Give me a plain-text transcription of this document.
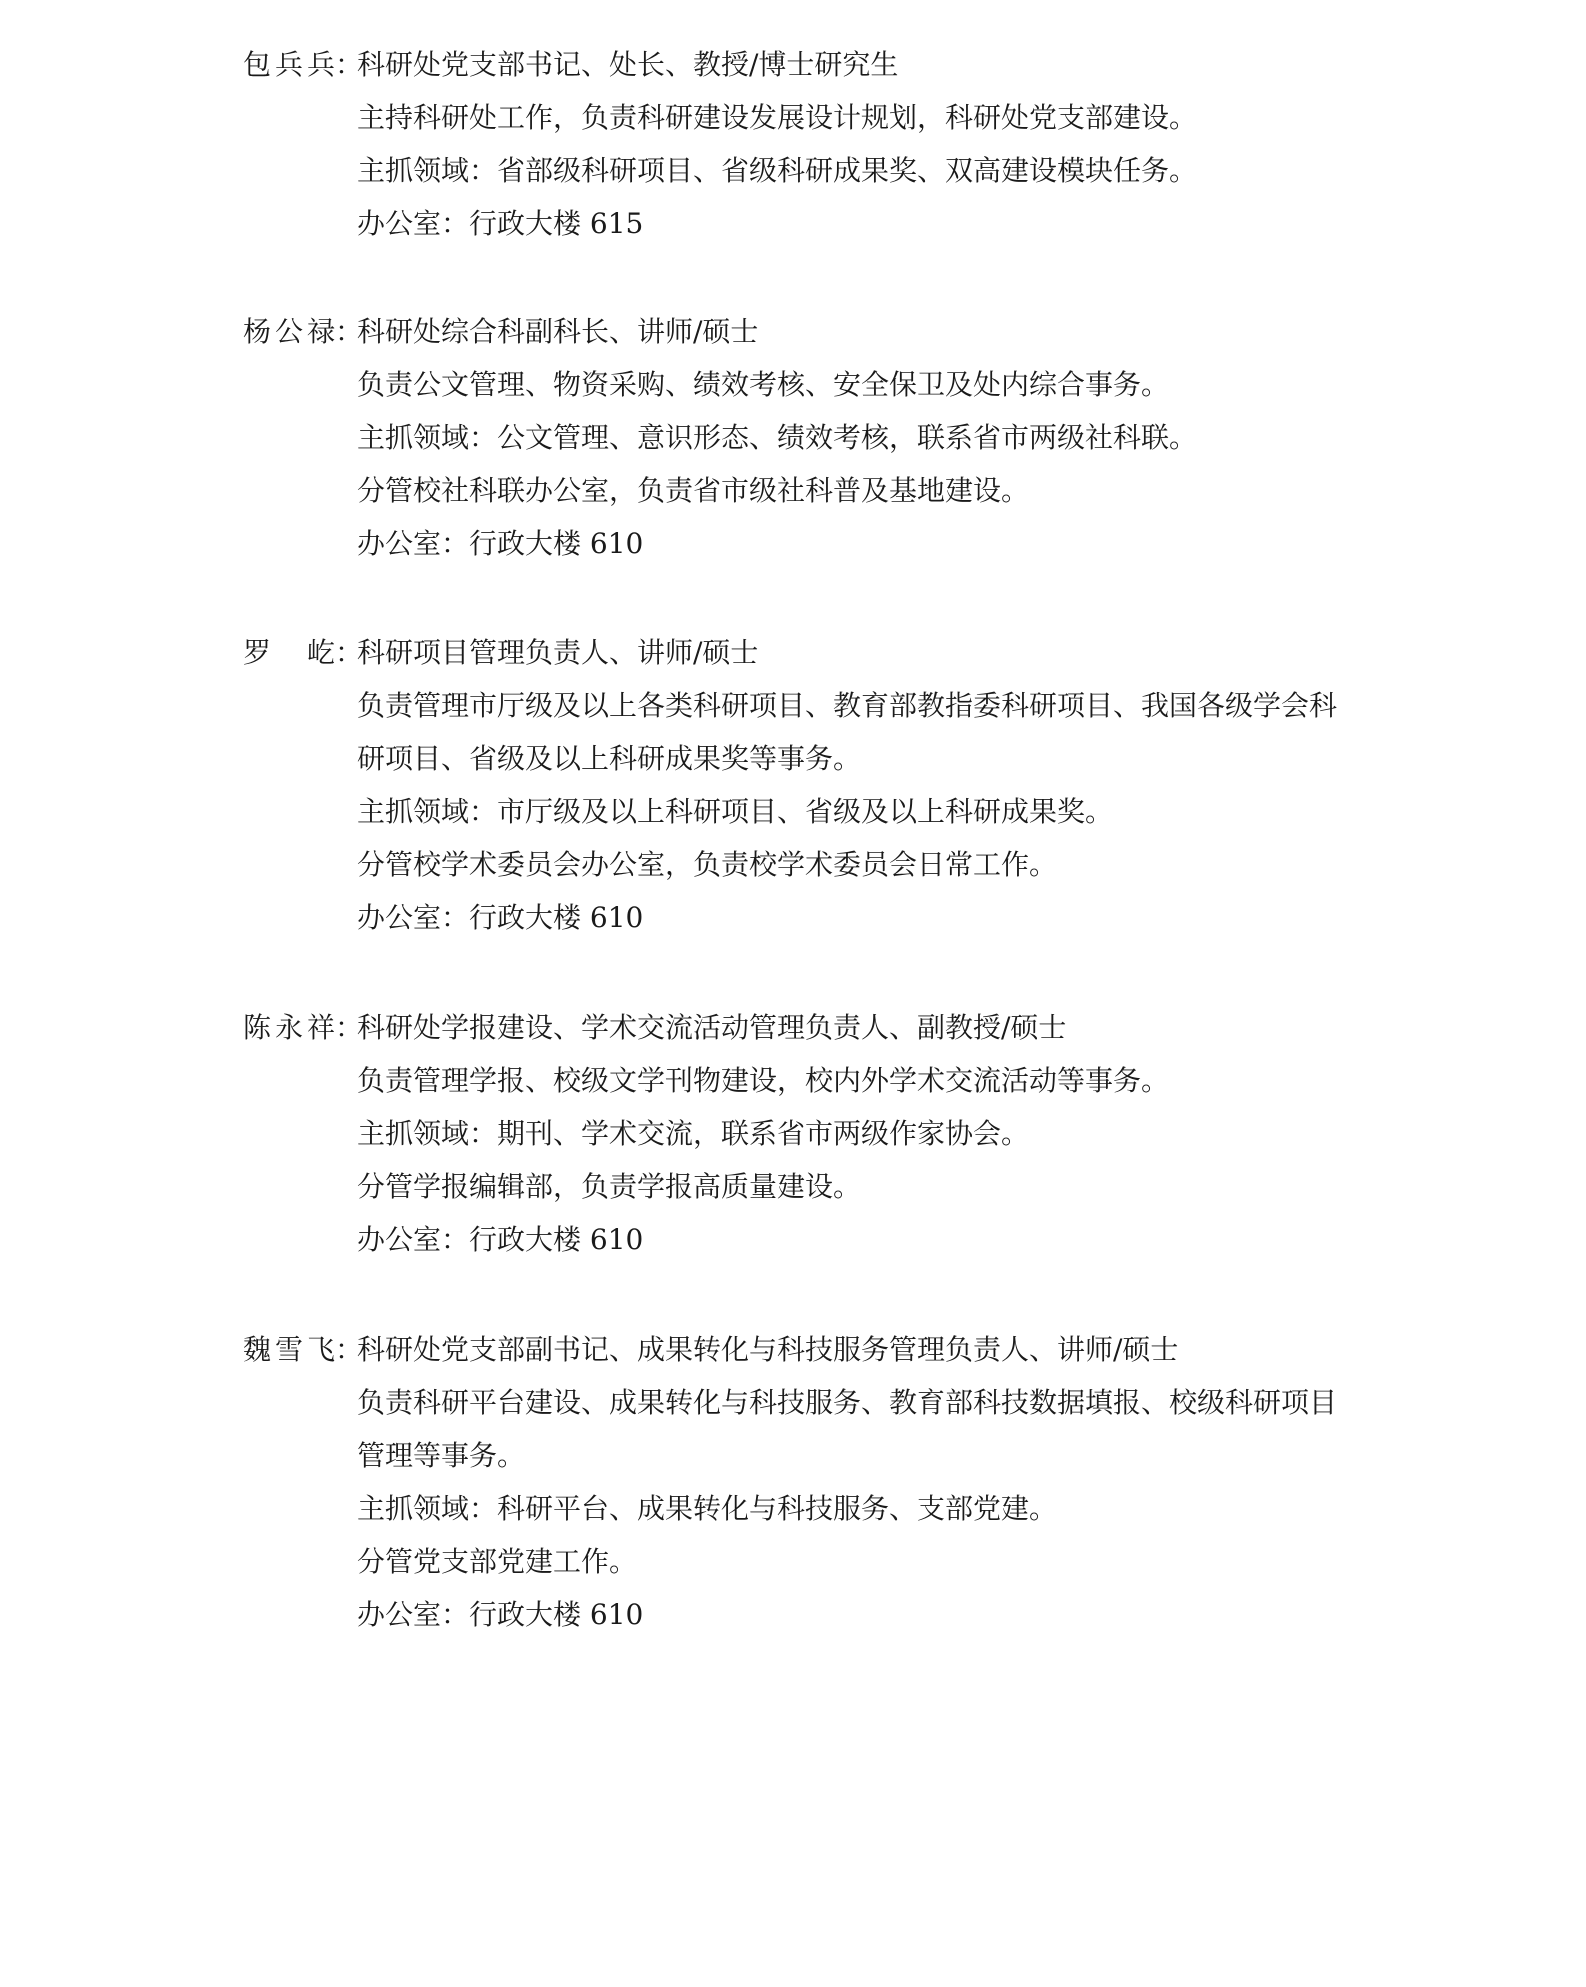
包兵兵 ：
科研处党支部书记、处长、教授/博士研究生
主持科研处工作，负责科研建设发展设计规划，科研处党支部建设。
主抓领域：省部级科研项目、省级科研成果奖、双高建设模块任务。
办公室：行政大楼 615
杨公禄 ：
科研处综合科副科长、讲师/硕士
负责公文管理、物资采购、绩效考核、安全保卫及处内综合事务。
主抓领域：公文管理、意识形态、绩效考核，联系省市两级社科联。
分管校社科联办公室，负责省市级社科普及基地建设。
办公室：行政大楼 610
罗屹 ：
科研项目管理负责人、讲师/硕士
负责管理市厅级及以上各类科研项目、教育部教指委科研项目、我国各级学会科研项目、省级及以上科研成果奖等事务。
主抓领域：市厅级及以上科研项目、省级及以上科研成果奖。
分管校学术委员会办公室，负责校学术委员会日常工作。
办公室：行政大楼 610
陈永祥 ：
科研处学报建设、学术交流活动管理负责人、副教授/硕士
负责管理学报、校级文学刊物建设，校内外学术交流活动等事务。
主抓领域：期刊、学术交流，联系省市两级作家协会。
分管学报编辑部，负责学报高质量建设。
办公室：行政大楼 610
魏雪飞 ：
科研处党支部副书记、成果转化与科技服务管理负责人、讲师/硕士
负责科研平台建设、成果转化与科技服务、教育部科技数据填报、校级科研项目管理等事务。
主抓领域：科研平台、成果转化与科技服务、支部党建。
分管党支部党建工作。
办公室：行政大楼 610
